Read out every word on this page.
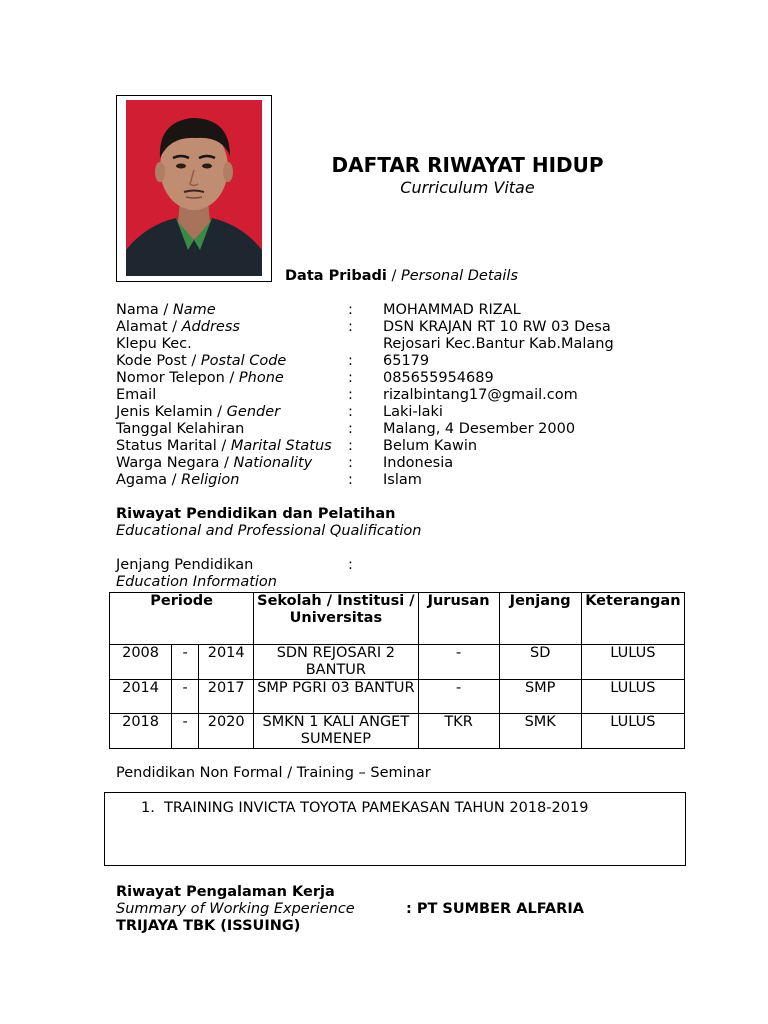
DAFTAR RIWAYAT HIDUP
Curriculum Vitae
Data Pribadi / Personal Details
Nama / Name	: MOHAMMAD RIZAL
Alamat / Address	: DSN KRAJAN RT 10 RW 03 Desa
Klepu Kec.	Rejosari Kec.Bantur Kab.Malang
Kode Post / Postal Code	: 65179
Nomor Telepon / Phone	: 085655954689
Email	: rizalbintang17@gmail.com
Jenis Kelamin / Gender	: Laki-laki
Tanggal Kelahiran	: Malang, 4 Desember 2000
Status Marital / Marital Status : Belum Kawin
Warga Negara / Nationality : Indonesia
Agama / Religion	: Islam
Riwayat Pendidikan dan Pelatihan
Educational and Professional Qualification
Jenjang Pendidikan	:
Education Information
Periode			Sekolah / Institusi / Universitas	Jurusan	Jenjang	Keterangan
2008	-	2014	SDN REJOSARI 2 BANTUR	-	SD	LULUS
2014	-	2017	SMP PGRI 03 BANTUR	-	SMP	LULUS
2018	-	2020	SMKN 1 KALI ANGET SUMENEP	TKR	SMK	LULUS
Pendidikan Non Formal / Training – Seminar
1. TRAINING INVICTA TOYOTA PAMEKASAN TAHUN 2018-2019
Riwayat Pengalaman Kerja
Summary of Working Experience	: PT SUMBER ALFARIA
TRIJAYA TBK (ISSUING)
